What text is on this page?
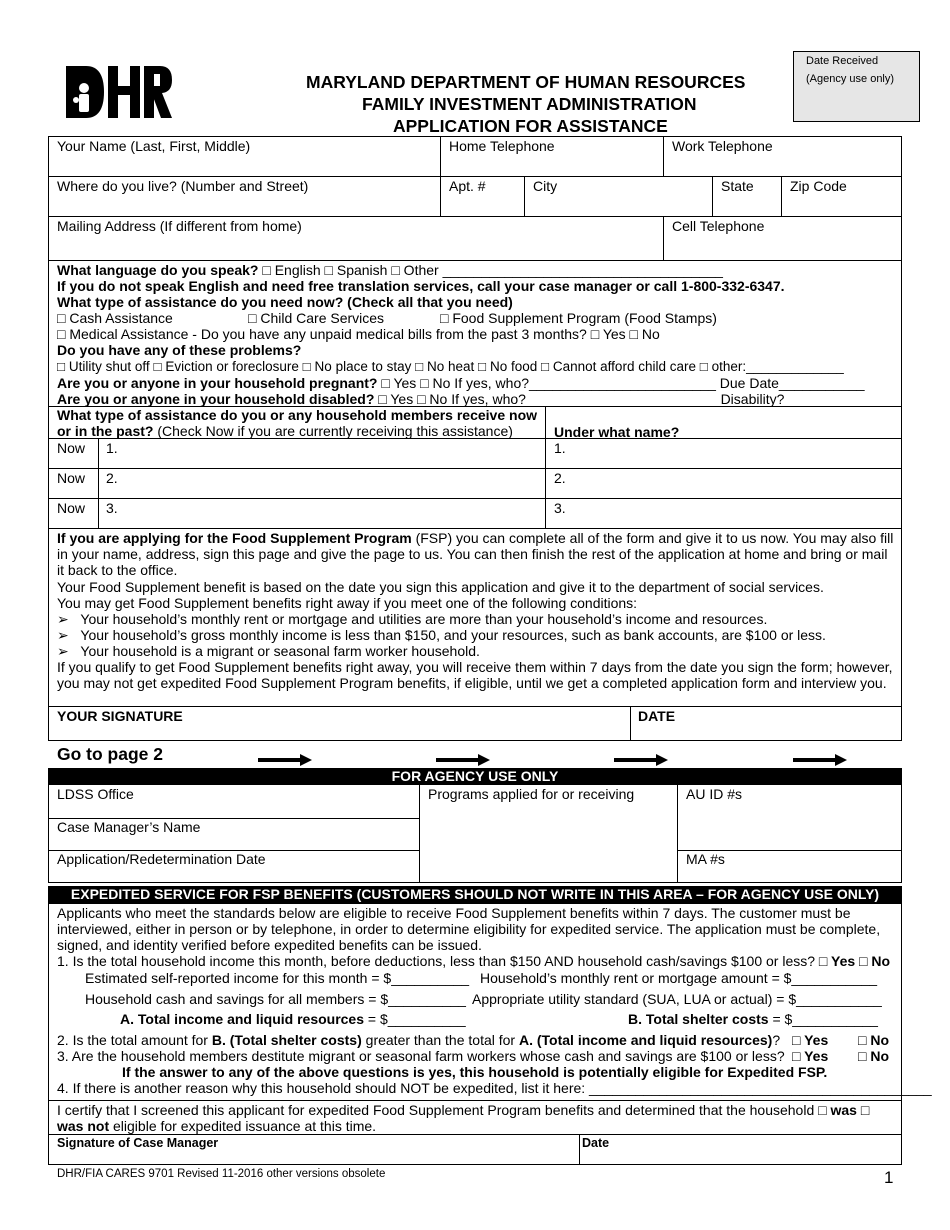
MARYLAND DEPARTMENT OF HUMAN RESOURCES
FAMILY INVESTMENT ADMINISTRATION
APPLICATION FOR ASSISTANCE
Date Received
(Agency use only)
Your Name (Last, First, Middle)	Home Telephone	Work Telephone
Where do you live? (Number and Street)	Apt. #	City	State	Zip Code
Mailing Address (If different from home)	Cell Telephone
What language do you speak? □ English □ Spanish □ Other ____________________________________
If you do not speak English and need free translation services, call your case manager or call 1-800-332-6347.
What type of assistance do you need now? (Check all that you need)
□ Cash Assistance	□ Child Care Services	□ Food Supplement Program (Food Stamps)
□ Medical Assistance - Do you have any unpaid medical bills from the past 3 months? □ Yes □ No
Do you have any of these problems?
□ Utility shut off □ Eviction or foreclosure □ No place to stay □ No heat □ No food □ Cannot afford child care □ other:_____________
Are you or anyone in your household pregnant? □ Yes □ No If yes, who?________________________ Due Date___________
Are you or anyone in your household disabled? □ Yes □ No If yes, who? ________________________ Disability?___________
What type of assistance do you or any household members receive now
or in the past? (Check Now if you are currently receiving this assistance)	Under what name?
Now 1.	1.
Now 2.	2.
Now 3.	3.
If you are applying for the Food Supplement Program (FSP) you can complete all of the form and give it to us now. You may also fill in your name, address, sign this page and give the page to us. You can then finish the rest of the application at home and bring or mail it back to the office.
Your Food Supplement benefit is based on the date you sign this application and give it to the department of social services.
You may get Food Supplement benefits right away if you meet one of the following conditions:
➢   Your household’s monthly rent or mortgage and utilities are more than your household’s income and resources.
➢   Your household’s gross monthly income is less than $150, and your resources, such as bank accounts, are $100 or less.
➢   Your household is a migrant or seasonal farm worker household.
If you qualify to get Food Supplement benefits right away, you will receive them within 7 days from the date you sign the form; however, you may not get expedited Food Supplement Program benefits, if eligible, until we get a completed application form and interview you.
YOUR SIGNATURE	DATE
Go to page 2
FOR AGENCY USE ONLY
LDSS Office	Programs applied for or receiving	AU ID #s
Case Manager’s Name
Application/Redetermination Date	MA #s
EXPEDITED SERVICE FOR FSP BENEFITS (CUSTOMERS SHOULD NOT WRITE IN THIS AREA – FOR AGENCY USE ONLY)
Applicants who meet the standards below are eligible to receive Food Supplement benefits within 7 days. The customer must be interviewed, either in person or by telephone, in order to determine eligibility for expedited service. The application must be complete, signed, and identity verified before expedited benefits can be issued.
1. Is the total household income this month, before deductions, less than $150 AND household cash/savings $100 or less? □ Yes □ No
Estimated self-reported income for this month = $__________ Household’s monthly rent or mortgage amount = $___________
Household cash and savings for all members = $__________ Appropriate utility standard (SUA, LUA or actual) = $___________
A. Total income and liquid resources = $__________	B. Total shelter costs = $___________
2. Is the total amount for B. (Total shelter costs) greater than the total for A. (Total income and liquid resources)? □ Yes □ No
3. Are the household members destitute migrant or seasonal farm workers whose cash and savings are $100 or less? □ Yes □ No
If the answer to any of the above questions is yes, this household is potentially eligible for Expedited FSP.
4. If there is another reason why this household should NOT be expedited, list it here: ____________________________________________
I certify that I screened this applicant for expedited Food Supplement Program benefits and determined that the household □ was □ was not eligible for expedited issuance at this time.
Signature of Case Manager	Date
DHR/FIA CARES 9701 Revised 11-2016 other versions obsolete	1
